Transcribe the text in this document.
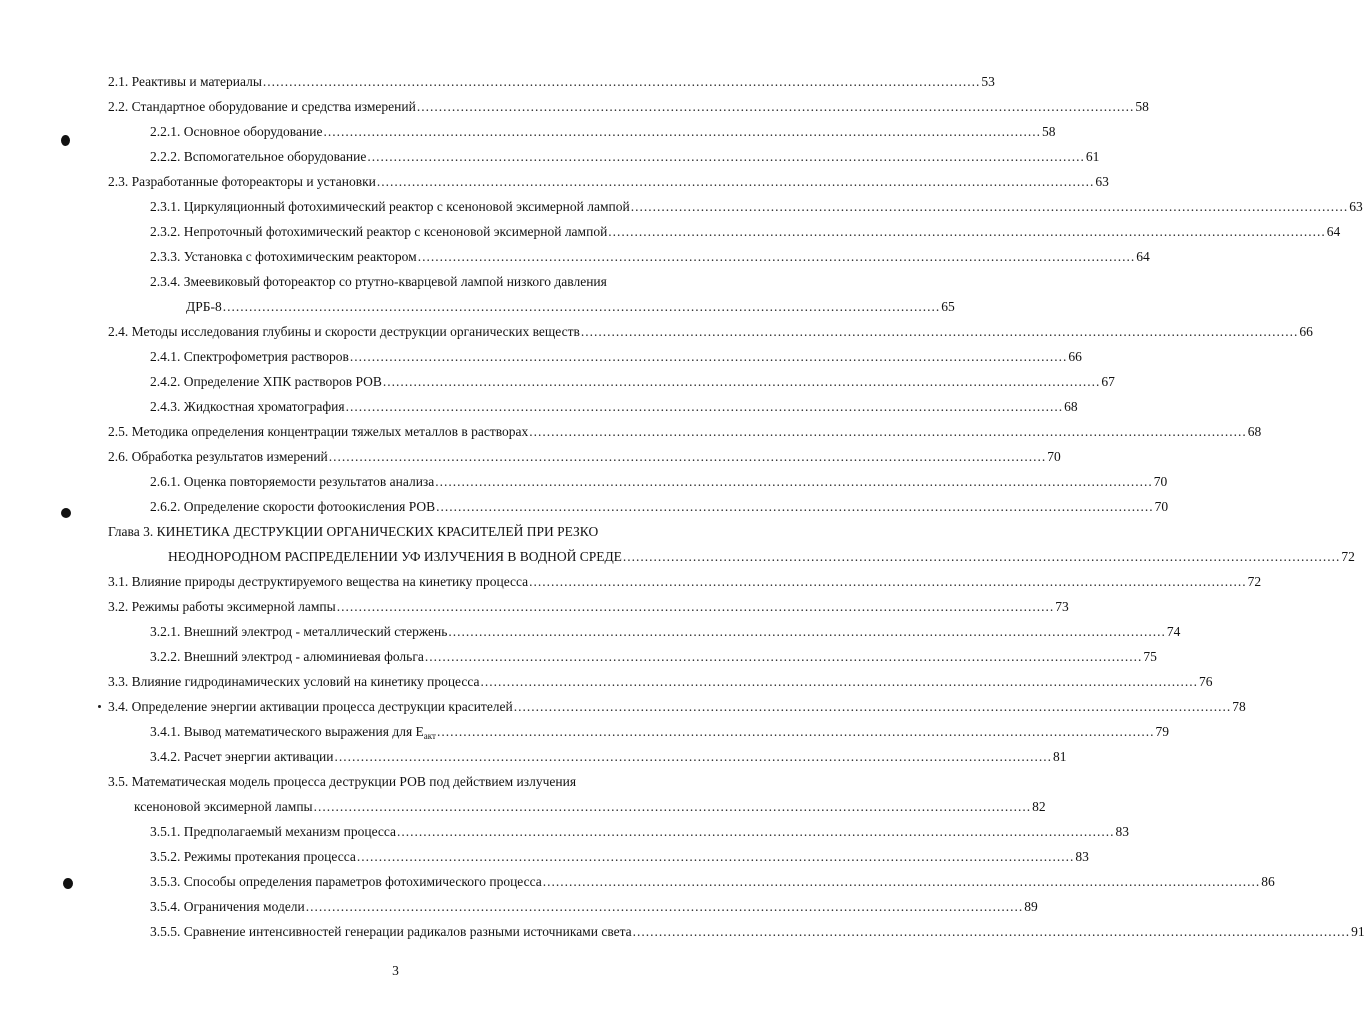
2.1. Реактивы и материалы .................................................................................................................................................................... 53
2.2. Стандартное оборудование и средства измерений .................................................................................................................................................................... 58
2.2.1. Основное оборудование .................................................................................................................................................................... 58
2.2.2. Вспомогательное оборудование .................................................................................................................................................................... 61
2.3. Разработанные фотореакторы и установки .................................................................................................................................................................... 63
2.3.1. Циркуляционный фотохимический реактор с ксеноновой эксимерной лампой .................................................................................................................................................................... 63
2.3.2. Непроточный фотохимический реактор с ксеноновой эксимерной лампой .................................................................................................................................................................... 64
2.3.3. Установка с фотохимическим реактором .................................................................................................................................................................... 64
2.3.4. Змеевиковый фотореактор со ртутно-кварцевой лампой низкого давления
ДРБ-8 .................................................................................................................................................................... 65
2.4. Методы исследования глубины и скорости деструкции органических веществ .................................................................................................................................................................... 66
2.4.1. Спектрофометрия растворов .................................................................................................................................................................... 66
2.4.2. Определение ХПК растворов РОВ .................................................................................................................................................................... 67
2.4.3. Жидкостная хроматография .................................................................................................................................................................... 68
2.5. Методика определения концентрации тяжелых металлов в растворах .................................................................................................................................................................... 68
2.6. Обработка результатов измерений .................................................................................................................................................................... 70
2.6.1. Оценка повторяемости результатов анализа .................................................................................................................................................................... 70
2.6.2. Определение скорости фотоокисления РОВ .................................................................................................................................................................... 70
Глава 3. КИНЕТИКА ДЕСТРУКЦИИ ОРГАНИЧЕСКИХ КРАСИТЕЛЕЙ ПРИ РЕЗКО
НЕОДНОРОДНОМ РАСПРЕДЕЛЕНИИ УФ ИЗЛУЧЕНИЯ В ВОДНОЙ СРЕДЕ .................................................................................................................................................................... 72
3.1. Влияние природы деструктируемого вещества на кинетику процесса .................................................................................................................................................................... 72
3.2. Режимы работы эксимерной лампы .................................................................................................................................................................... 73
3.2.1. Внешний электрод - металлический стержень .................................................................................................................................................................... 74
3.2.2. Внешний электрод - алюминиевая фольга .................................................................................................................................................................... 75
3.3. Влияние гидродинамических условий на кинетику процесса .................................................................................................................................................................... 76
3.4. Определение энергии активации процесса деструкции красителей .................................................................................................................................................................... 78
3.4.1. Вывод математического выражения для $E_{акт}$ .................................................................................................................................................................... 79
3.4.2. Расчет энергии активации .................................................................................................................................................................... 81
3.5. Математическая модель процесса деструкции РОВ под действием излучения
ксеноновой эксимерной лампы .................................................................................................................................................................... 82
3.5.1. Предполагаемый механизм процесса .................................................................................................................................................................... 83
3.5.2. Режимы протекания процесса .................................................................................................................................................................... 83
3.5.3. Способы определения параметров фотохимического процесса .................................................................................................................................................................... 86
3.5.4. Ограничения модели .................................................................................................................................................................... 89
3.5.5. Сравнение интенсивностей генерации радикалов разными источниками света .................................................................................................................................................................... 91
3
